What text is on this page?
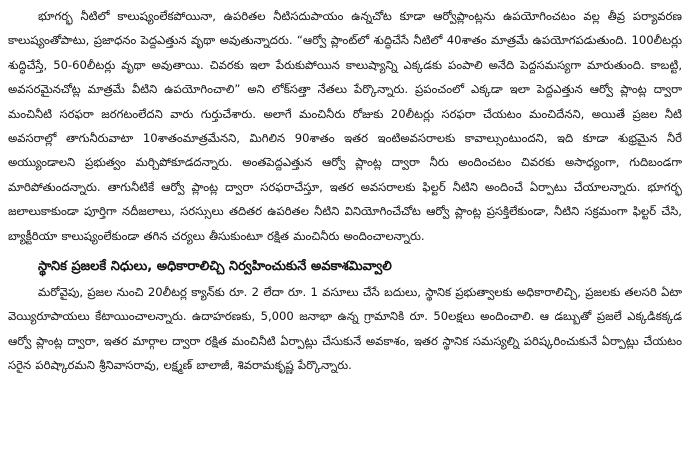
భూగర్భ నీటిలో కాలుష్యంలేకపోయినా, ఉపరితల నీటిసదుపాయం ఉన్నచోట కూడా ఆర్వోప్లాంట్లను ఉపయోగించటం వల్ల తీవ్ర పర్యావరణ కాలుష్యంతోపాటు, ప్రజాధనం పెద్దఎత్తున వృథా అవుతున్నాదరు. “ఆర్వో ప్లాంట్‌లో శుద్ధిచేసే నీటిలో 40శాతం మాత్రమే ఉపయోగపడుతుంది. 100లీటర్లు శుద్ధిచేస్తే, 50-60లీటర్లు వృథా అవుతాయి. చివరకు ఇలా పేరుకుపోయిన కాలుష్యాన్ని ఎక్కడకు పంపాలి అనేది పెద్దసమస్యగా మారుతుంది. కాబట్టి, అవసరమైనచోట్ల మాత్రమే వీటిని ఉపయోగించాలి” అని లోక్‌సత్తా నేతలు పేర్కొన్నారు. ప్రపంచంలో ఎక్కడా ఇలా పెద్దఎత్తున ఆర్వో ప్లాంట్ల ద్వారా మంచినీటి సరఫరా జరగటంలేదని వారు గుర్తుచేశారు. అలాగే మంచినీరు రోజుకు 20లీటర్లు సరఫరా చేయటం మంచిదేనని, అయితే ప్రజల నీటి అవసరాల్లో తాగునీరువాటా 10శాతంమాత్రమేనని, మిగిలిన 90శాతం ఇతర ఇంటిఅవసరాలకు కావాల్సుంటుందని, ఇది కూడా శుభ్రమైన నీరే అయ్యుండాలని ప్రభుత్వం మర్చిపోకూడదన్నారు. అంతపెద్దఎత్తున ఆర్వో ప్లాంట్ల ద్వారా నీరు అందించటం చివరకు అసాధ్యంగా, గుదిబండగా మారిపోతుందన్నారు. తాగునీటికే ఆర్వో ప్లాంట్ల ద్వారా సరఫరాచేస్తూ, ఇతర అవసరాలకు ఫిల్టర్ నీటిని అందించే ఏర్పాటు చేయాలన్నారు. భూగర్భ జలాలుకాకుండా పూర్తిగా నదీజలాలు, సరస్సులు తదితర ఉపరితల నీటిని వినియోగించేచోట ఆర్వో ప్లాంట్ల ప్రసక్తిలేకుండా, నీటిని సక్రమంగా ఫిల్టర్ చేసి, బ్యాక్టీరియా కాలుష్యంలేకుండా తగిన చర్యలు తీసుకుంటూ రక్షిత మంచినీరు అందించాలన్నారు.

స్థానిక ప్రజలకే నిధులు, అధికారాలిచ్చి నిర్వహించుకునే అవకాశమివ్వాలి

మరోవైపు, ప్రజల నుంచి 20లీటర్ల క్యాన్‌కు రూ. 2 లేదా రూ. 1 వసూలు చేసే బదులు, స్థానిక ప్రభుత్వాలకు అధికారాలిచ్చి, ప్రజలకు తలసరి ఏటా వెయ్యిరూపాయలు కేటాయించాలన్నారు. ఉదాహరణకు, 5,000 జనాభా ఉన్న గ్రామానికి రూ. 50లక్షలు అందించాలి. ఆ డబ్బుతో ప్రజలే ఎక్కడికక్కడ ఆర్వో ప్లాంట్ల ద్వారా, ఇతర మార్గాల ద్వారా రక్షిత మంచినీటి ఏర్పాట్లు చేసుకునే అవకాశం, ఇతర స్థానిక సమస్యల్ని పరిష్కరించుకునే ఏర్పాట్లు చేయటం సరైన పరిష్కారమని శ్రీనివాసరావు, లక్ష్మణ్ బాలాజీ, శివరామకృష్ణ పేర్కొన్నారు.
